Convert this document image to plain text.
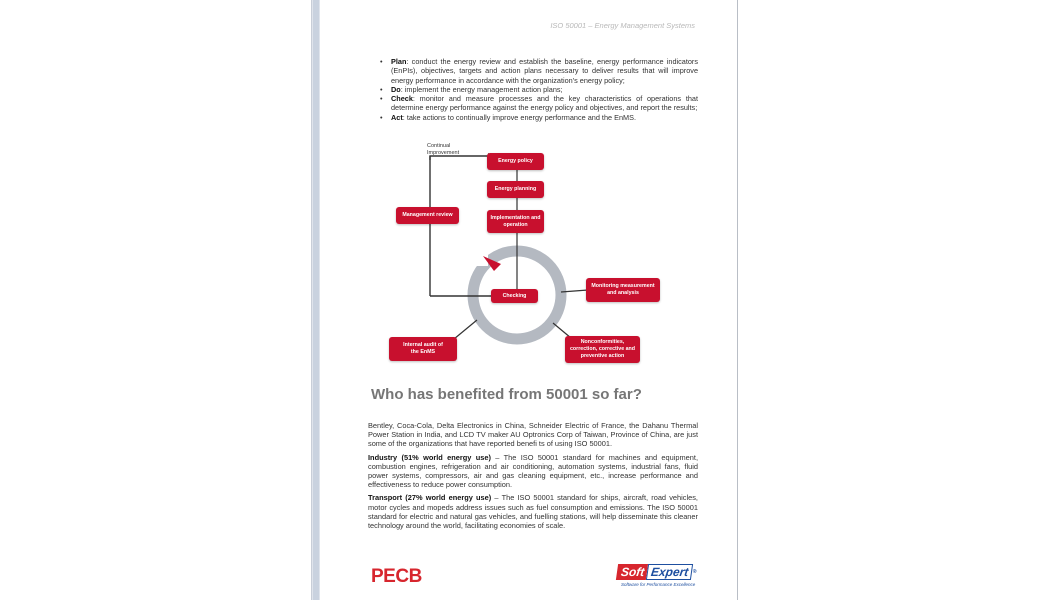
ISO 50001 – Energy Management Systems
• Plan: conduct the energy review and establish the baseline, energy performance indicators (EnPIs), objectives, targets and action plans necessary to deliver results that will improve energy performance in accordance with the organization's energy policy;
• Do: implement the energy management action plans;
• Check: monitor and measure processes and the key characteristics of operations that determine energy performance against the energy policy and objectives, and report the results;
• Act: take actions to continually improve energy performance and the EnMS.
Continual
Improvement
Energy policy
Energy planning
Implementation and
operation
Management review
Checking
Monitoring measurement
and analysis
Internal audit of
the EnMS
Nonconformities,
correction, corrective and
preventive action
Who has benefited from 50001 so far?

Bentley, Coca-Cola, Delta Electronics in China, Schneider Electric of France, the Dahanu Thermal Power Station in India, and LCD TV maker AU Optronics Corp of Taiwan, Province of China, are just some of the organizations that have reported benefi ts of using ISO 50001.

Industry (51% world energy use) – The ISO 50001 standard for machines and equipment, combustion engines, refrigeration and air conditioning, automation systems, industrial fans, fluid power systems, compressors, air and gas cleaning equipment, etc., increase performance and effectiveness to reduce power consumption.

Transport (27% world energy use) – The ISO 50001 standard for ships, aircraft, road vehicles, motor cycles and mopeds address issues such as fuel consumption and emissions. The ISO 50001 standard for electric and natural gas vehicles, and fuelling stations, will help disseminate this cleaner technology around the world, facilitating economies of scale.

PECB	Soft Expert ®
Software for Performance Excellence
